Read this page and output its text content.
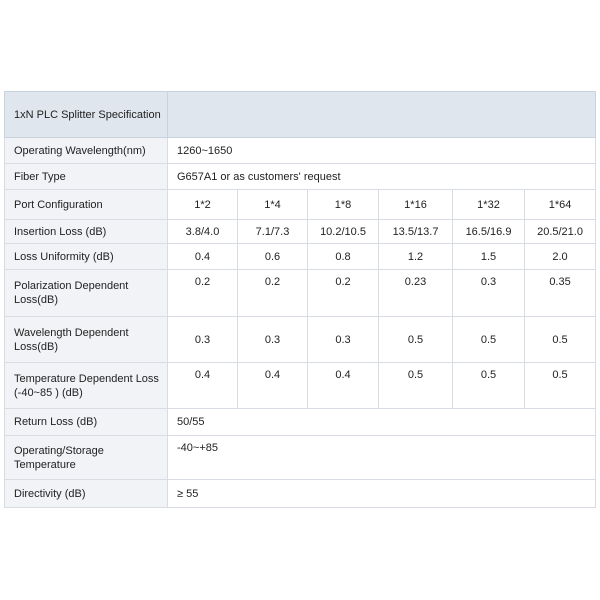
1xN PLC Splitter Specification						
Operating Wavelength(nm)	1260~1650					
Fiber Type	G657A1 or as customers' request					
Port Configuration	1*2	1*4	1*8	1*16	1*32	1*64
Insertion Loss (dB)	3.8/4.0	7.1/7.3	10.2/10.5	13.5/13.7	16.5/16.9	20.5/21.0
Loss Uniformity (dB)	0.4	0.6	0.8	1.2	1.5	2.0
Polarization Dependent Loss(dB)	0.2	0.2	0.2	0.23	0.3	0.35
Wavelength Dependent Loss(dB)	0.3	0.3	0.3	0.5	0.5	0.5
Temperature Dependent Loss (-40~85 ) (dB)	0.4	0.4	0.4	0.5	0.5	0.5
Return Loss (dB)	50/55					
Operating/Storage Temperature	-40~+85					
Directivity (dB)	≥ 55					
